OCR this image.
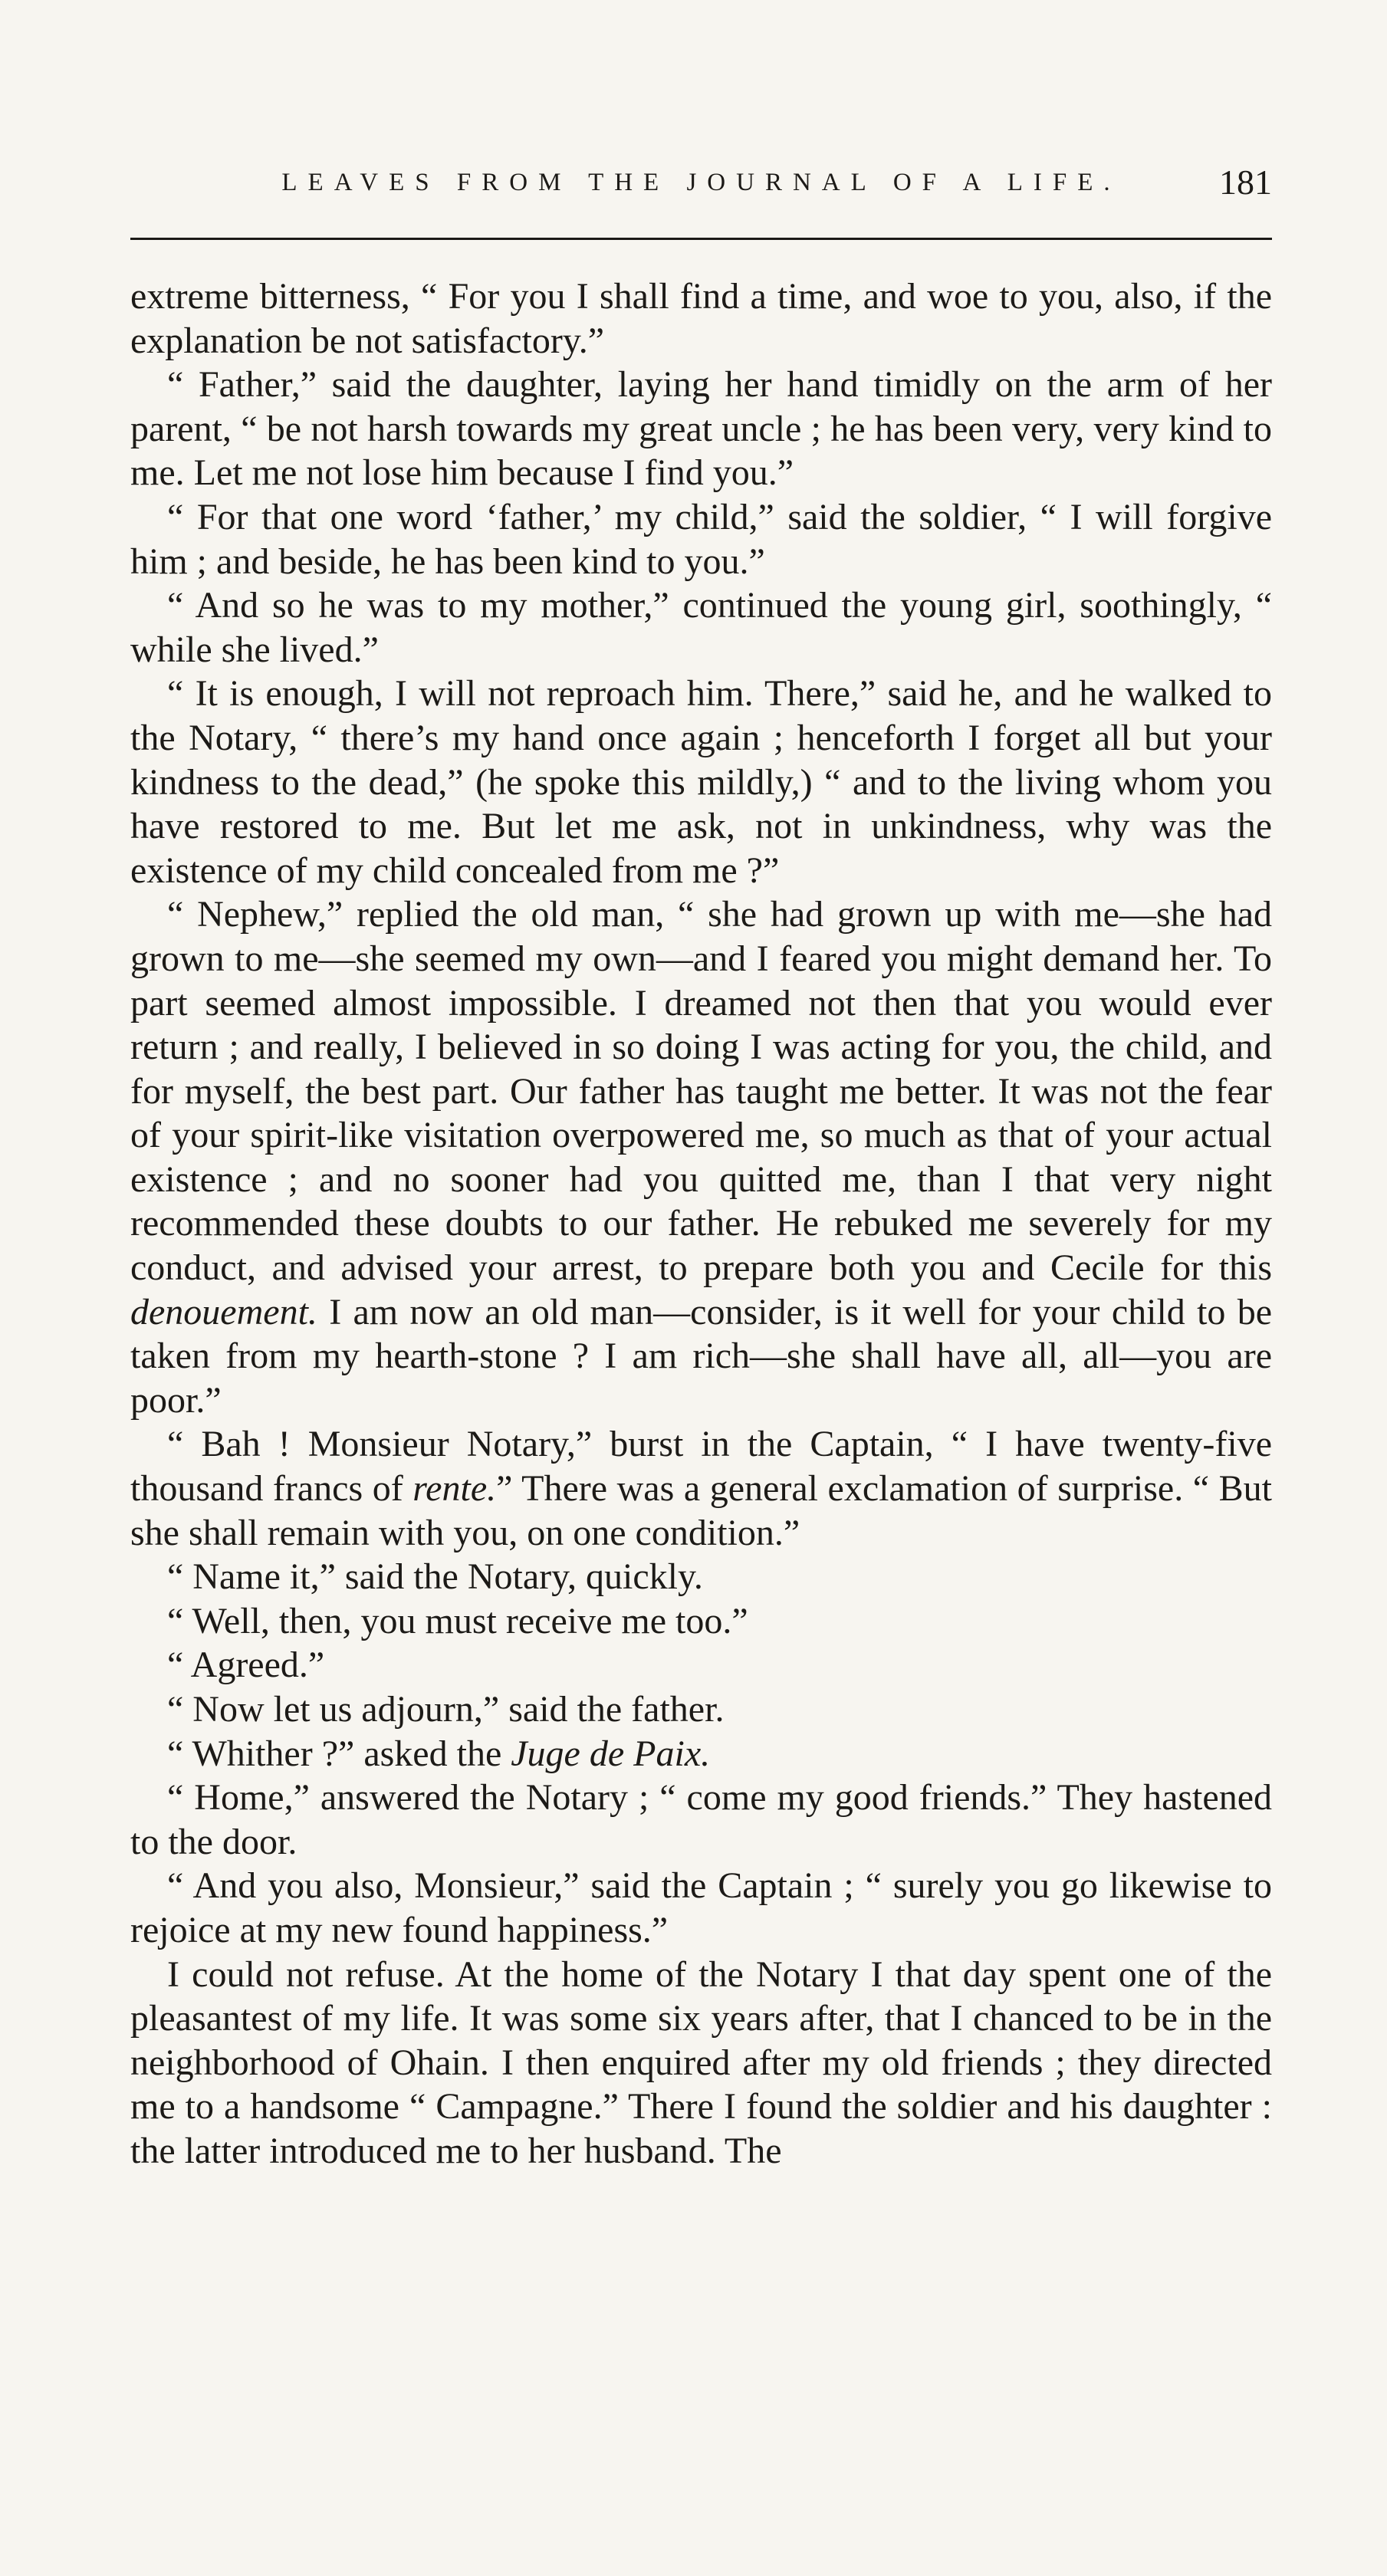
LEAVES FROM THE JOURNAL OF A LIFE.	181

extreme bitterness, “ For you I shall find a time, and woe to you, also, if the explanation be not satisfactory.”

“ Father,” said the daughter, laying her hand timidly on the arm of her parent, “ be not harsh towards my great uncle ; he has been very, very kind to me. Let me not lose him because I find you.”

“ For that one word ‘father,’ my child,” said the soldier, “ I will forgive him ; and beside, he has been kind to you.”

“ And so he was to my mother,” continued the young girl, soothingly, “ while she lived.”

“ It is enough, I will not reproach him. There,” said he, and he walked to the Notary, “ there’s my hand once again ; henceforth I forget all but your kindness to the dead,” (he spoke this mildly,) “ and to the living whom you have restored to me. But let me ask, not in unkindness, why was the existence of my child concealed from me ?”

“ Nephew,” replied the old man, “ she had grown up with me—she had grown to me—she seemed my own—and I feared you might demand her. To part seemed almost impossible. I dreamed not then that you would ever return ; and really, I believed in so doing I was acting for you, the child, and for myself, the best part. Our father has taught me better. It was not the fear of your spirit-like visitation overpowered me, so much as that of your actual existence ; and no sooner had you quitted me, than I that very night recommended these doubts to our father. He rebuked me severely for my conduct, and advised your arrest, to prepare both you and Cecile for this denouement. I am now an old man—consider, is it well for your child to be taken from my hearth-stone ? I am rich—she shall have all, all—you are poor.”

“ Bah ! Monsieur Notary,” burst in the Captain, “ I have twenty-five thousand francs of rente.” There was a general exclamation of surprise. “ But she shall remain with you, on one condition.”

“ Name it,” said the Notary, quickly.

“ Well, then, you must receive me too.”

“ Agreed.”

“ Now let us adjourn,” said the father.

“ Whither ?” asked the Juge de Paix.

“ Home,” answered the Notary ; “ come my good friends.” They hastened to the door.

“ And you also, Monsieur,” said the Captain ; “ surely you go likewise to rejoice at my new found happiness.”

I could not refuse. At the home of the Notary I that day spent one of the pleasantest of my life. It was some six years after, that I chanced to be in the neighborhood of Ohain. I then enquired after my old friends ; they directed me to a handsome “ Campagne.” There I found the soldier and his daughter : the latter introduced me to her husband. The
